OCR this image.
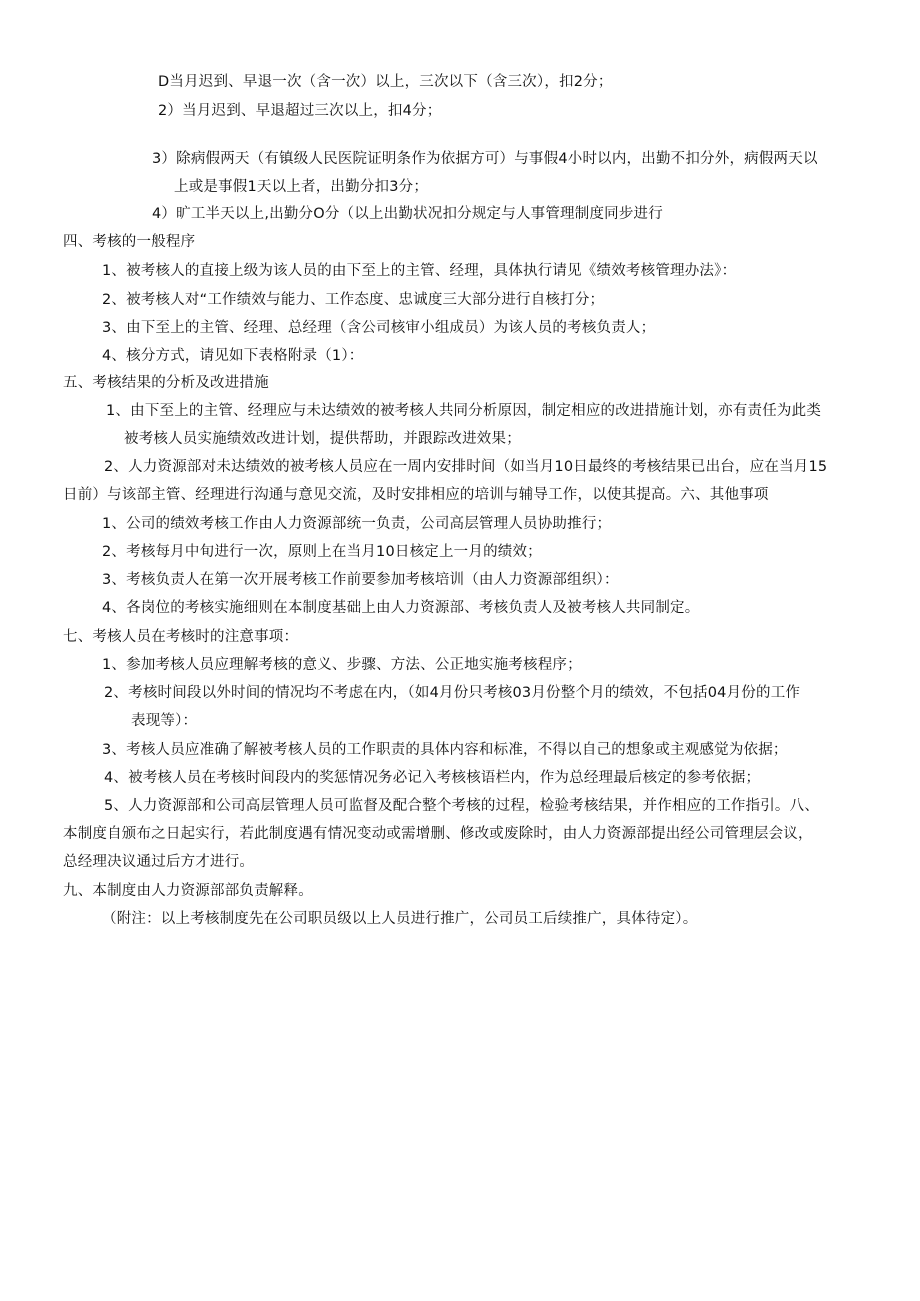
D当月迟到、早退一次（含一次）以上，三次以下（含三次），扣2分；
2）当月迟到、早退超过三次以上，扣4分；
3）除病假两天（有镇级人民医院证明条作为依据方可）与事假4小时以内，出勤不扣分外，病假两天以
上或是事假1天以上者，出勤分扣3分；
4）旷工半天以上,出勤分O分（以上出勤状况扣分规定与人事管理制度同步进行
四、考核的一般程序
1、被考核人的直接上级为该人员的由下至上的主管、经理，具体执行请见《绩效考核管理办法》：
2、被考核人对“工作绩效与能力、工作态度、忠诚度三大部分进行自核打分；
3、由下至上的主管、经理、总经理（含公司核审小组成员）为该人员的考核负责人；
4、核分方式，请见如下表格附录（1）：
五、考核结果的分析及改进措施
1、由下至上的主管、经理应与未达绩效的被考核人共同分析原因，制定相应的改进措施计划，亦有责任为此类
被考核人员实施绩效改进计划，提供帮助，并跟踪改进效果；
2、人力资源部对未达绩效的被考核人员应在一周内安排时间（如当月10日最终的考核结果已出台，应在当月15
日前）与该部主管、经理进行沟通与意见交流，及时安排相应的培训与辅导工作，以使其提高。六、其他事项
1、公司的绩效考核工作由人力资源部统一负责，公司高层管理人员协助推行；
2、考核每月中旬进行一次，原则上在当月10日核定上一月的绩效；
3、考核负责人在第一次开展考核工作前要参加考核培训（由人力资源部组织）：
4、各岗位的考核实施细则在本制度基础上由人力资源部、考核负责人及被考核人共同制定。
七、考核人员在考核时的注意事项：
1、参加考核人员应理解考核的意义、步骤、方法、公正地实施考核程序；
2、考核时间段以外时间的情况均不考虑在内，（如4月份只考核03月份整个月的绩效，不包括04月份的工作
表现等）：
3、考核人员应准确了解被考核人员的工作职责的具体内容和标准，不得以自己的想象或主观感觉为依据；
4、被考核人员在考核时间段内的奖惩情况务必记入考核核语栏内，作为总经理最后核定的参考依据；
5、人力资源部和公司高层管理人员可监督及配合整个考核的过程，检验考核结果，并作相应的工作指引。八、
本制度自颁布之日起实行，若此制度遇有情况变动或需增删、修改或废除时，由人力资源部提出经公司管理层会议，
总经理决议通过后方才进行。
九、本制度由人力资源部部负责解释。
（附注：以上考核制度先在公司职员级以上人员进行推广，公司员工后续推广，具体待定）。
